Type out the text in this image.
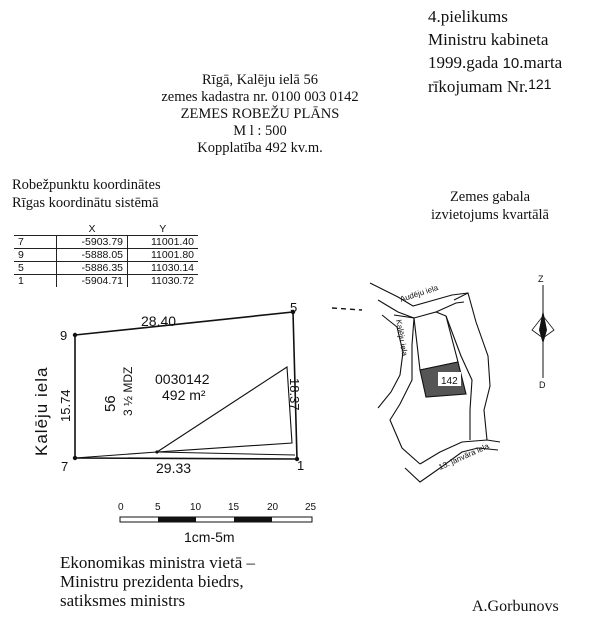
4.pielikums
Ministru kabineta
1999.gada 10.marta
rīkojumam Nr.121
Rīgā, Kalēju ielā 56
zemes kadastra nr. 0100 003 0142
ZEMES ROBEŽU PLĀNS
M l : 500
Kopplatība 492 kv.m.
Robežpunktu koordinātes
Rīgas koordinātu sistēmā
	X	Y
7	-5903.79	11001.40
9	-5888.05	11001.80
5	-5886.35	11030.14
1	-5904.71	11030.72
Zemes gabala
izvietojums kvartālā
9
5
7	1
28.40
29.33
15.74	18.37
Kalēju iela	56 3 ½ MDZ 0030142
492 m²
0	5	10	15	20	25
1cm-5m
142
Audēju iela
Kalēju iela
13. janvāra iela
Z
D
Ekonomikas ministra vietā –
Ministru prezidenta biedrs,
satiksmes ministrs	A.Gorbunovs
